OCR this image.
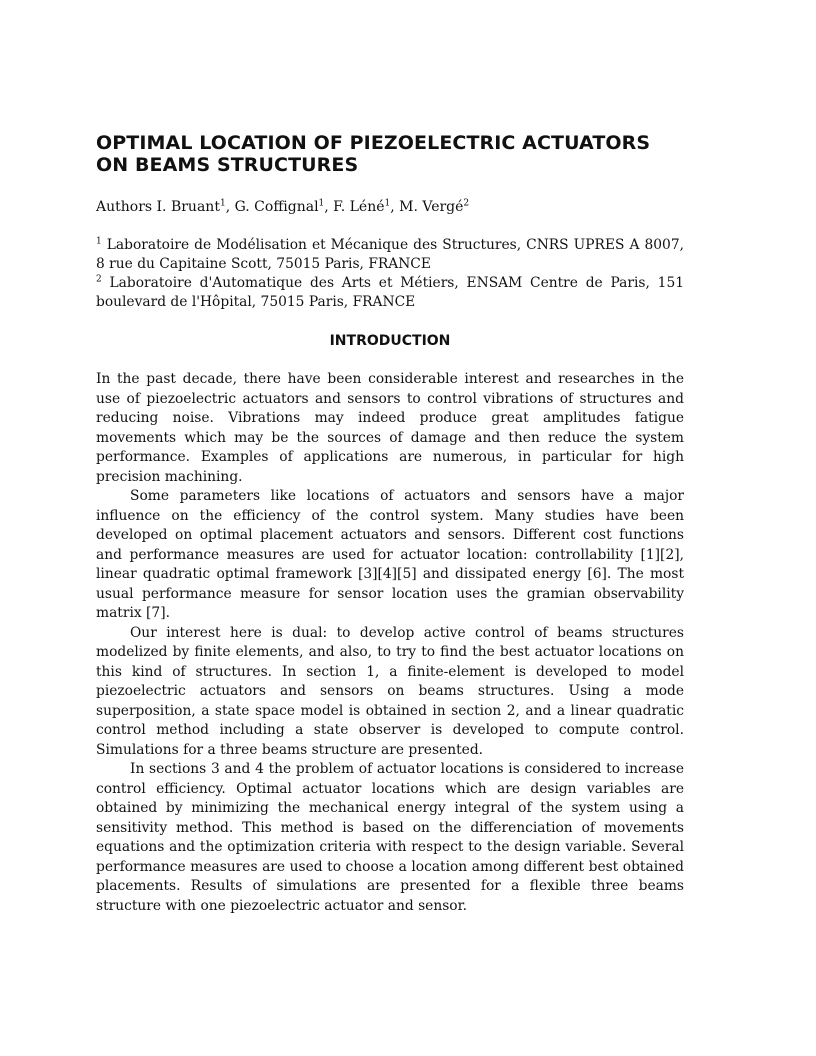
OPTIMAL LOCATION OF PIEZOELECTRIC ACTUATORS ON BEAMS STRUCTURES

Authors I. Bruant$^1$, G. Coffignal$^1$, F. Léné$^1$, M. Vergé$^2$

$^1$ Laboratoire de Modélisation et Mécanique des Structures, CNRS UPRES A 8007, 8 rue du Capitaine Scott, 75015 Paris, FRANCE

$^2$ Laboratoire d'Automatique des Arts et Métiers, ENSAM Centre de Paris, 151 boulevard de l'Hôpital, 75015 Paris, FRANCE

INTRODUCTION

In the past decade, there have been considerable interest and researches in the use of piezoelectric actuators and sensors to control vibrations of structures and reducing noise. Vibrations may indeed produce great amplitudes fatigue movements which may be the sources of damage and then reduce the system performance. Examples of applications are numerous, in particular for high precision machining.

Some parameters like locations of actuators and sensors have a major influence on the efficiency of the control system. Many studies have been developed on optimal placement actuators and sensors. Different cost functions and performance measures are used for actuator location: controllability [1][2], linear quadratic optimal framework [3][4][5] and dissipated energy [6]. The most usual performance measure for sensor location uses the gramian observability matrix [7].

Our interest here is dual: to develop active control of beams structures modelized by finite elements, and also, to try to find the best actuator locations on this kind of structures. In section 1, a finite-element is developed to model piezoelectric actuators and sensors on beams structures. Using a mode superposition, a state space model is obtained in section 2, and a linear quadratic control method including a state observer is developed to compute control. Simulations for a three beams structure are presented.

In sections 3 and 4 the problem of actuator locations is considered to increase control efficiency. Optimal actuator locations which are design variables are obtained by minimizing the mechanical energy integral of the system using a sensitivity method. This method is based on the differenciation of movements equations and the optimization criteria with respect to the design variable. Several performance measures are used to choose a location among different best obtained placements. Results of simulations are presented for a flexible three beams structure with one piezoelectric actuator and sensor.
